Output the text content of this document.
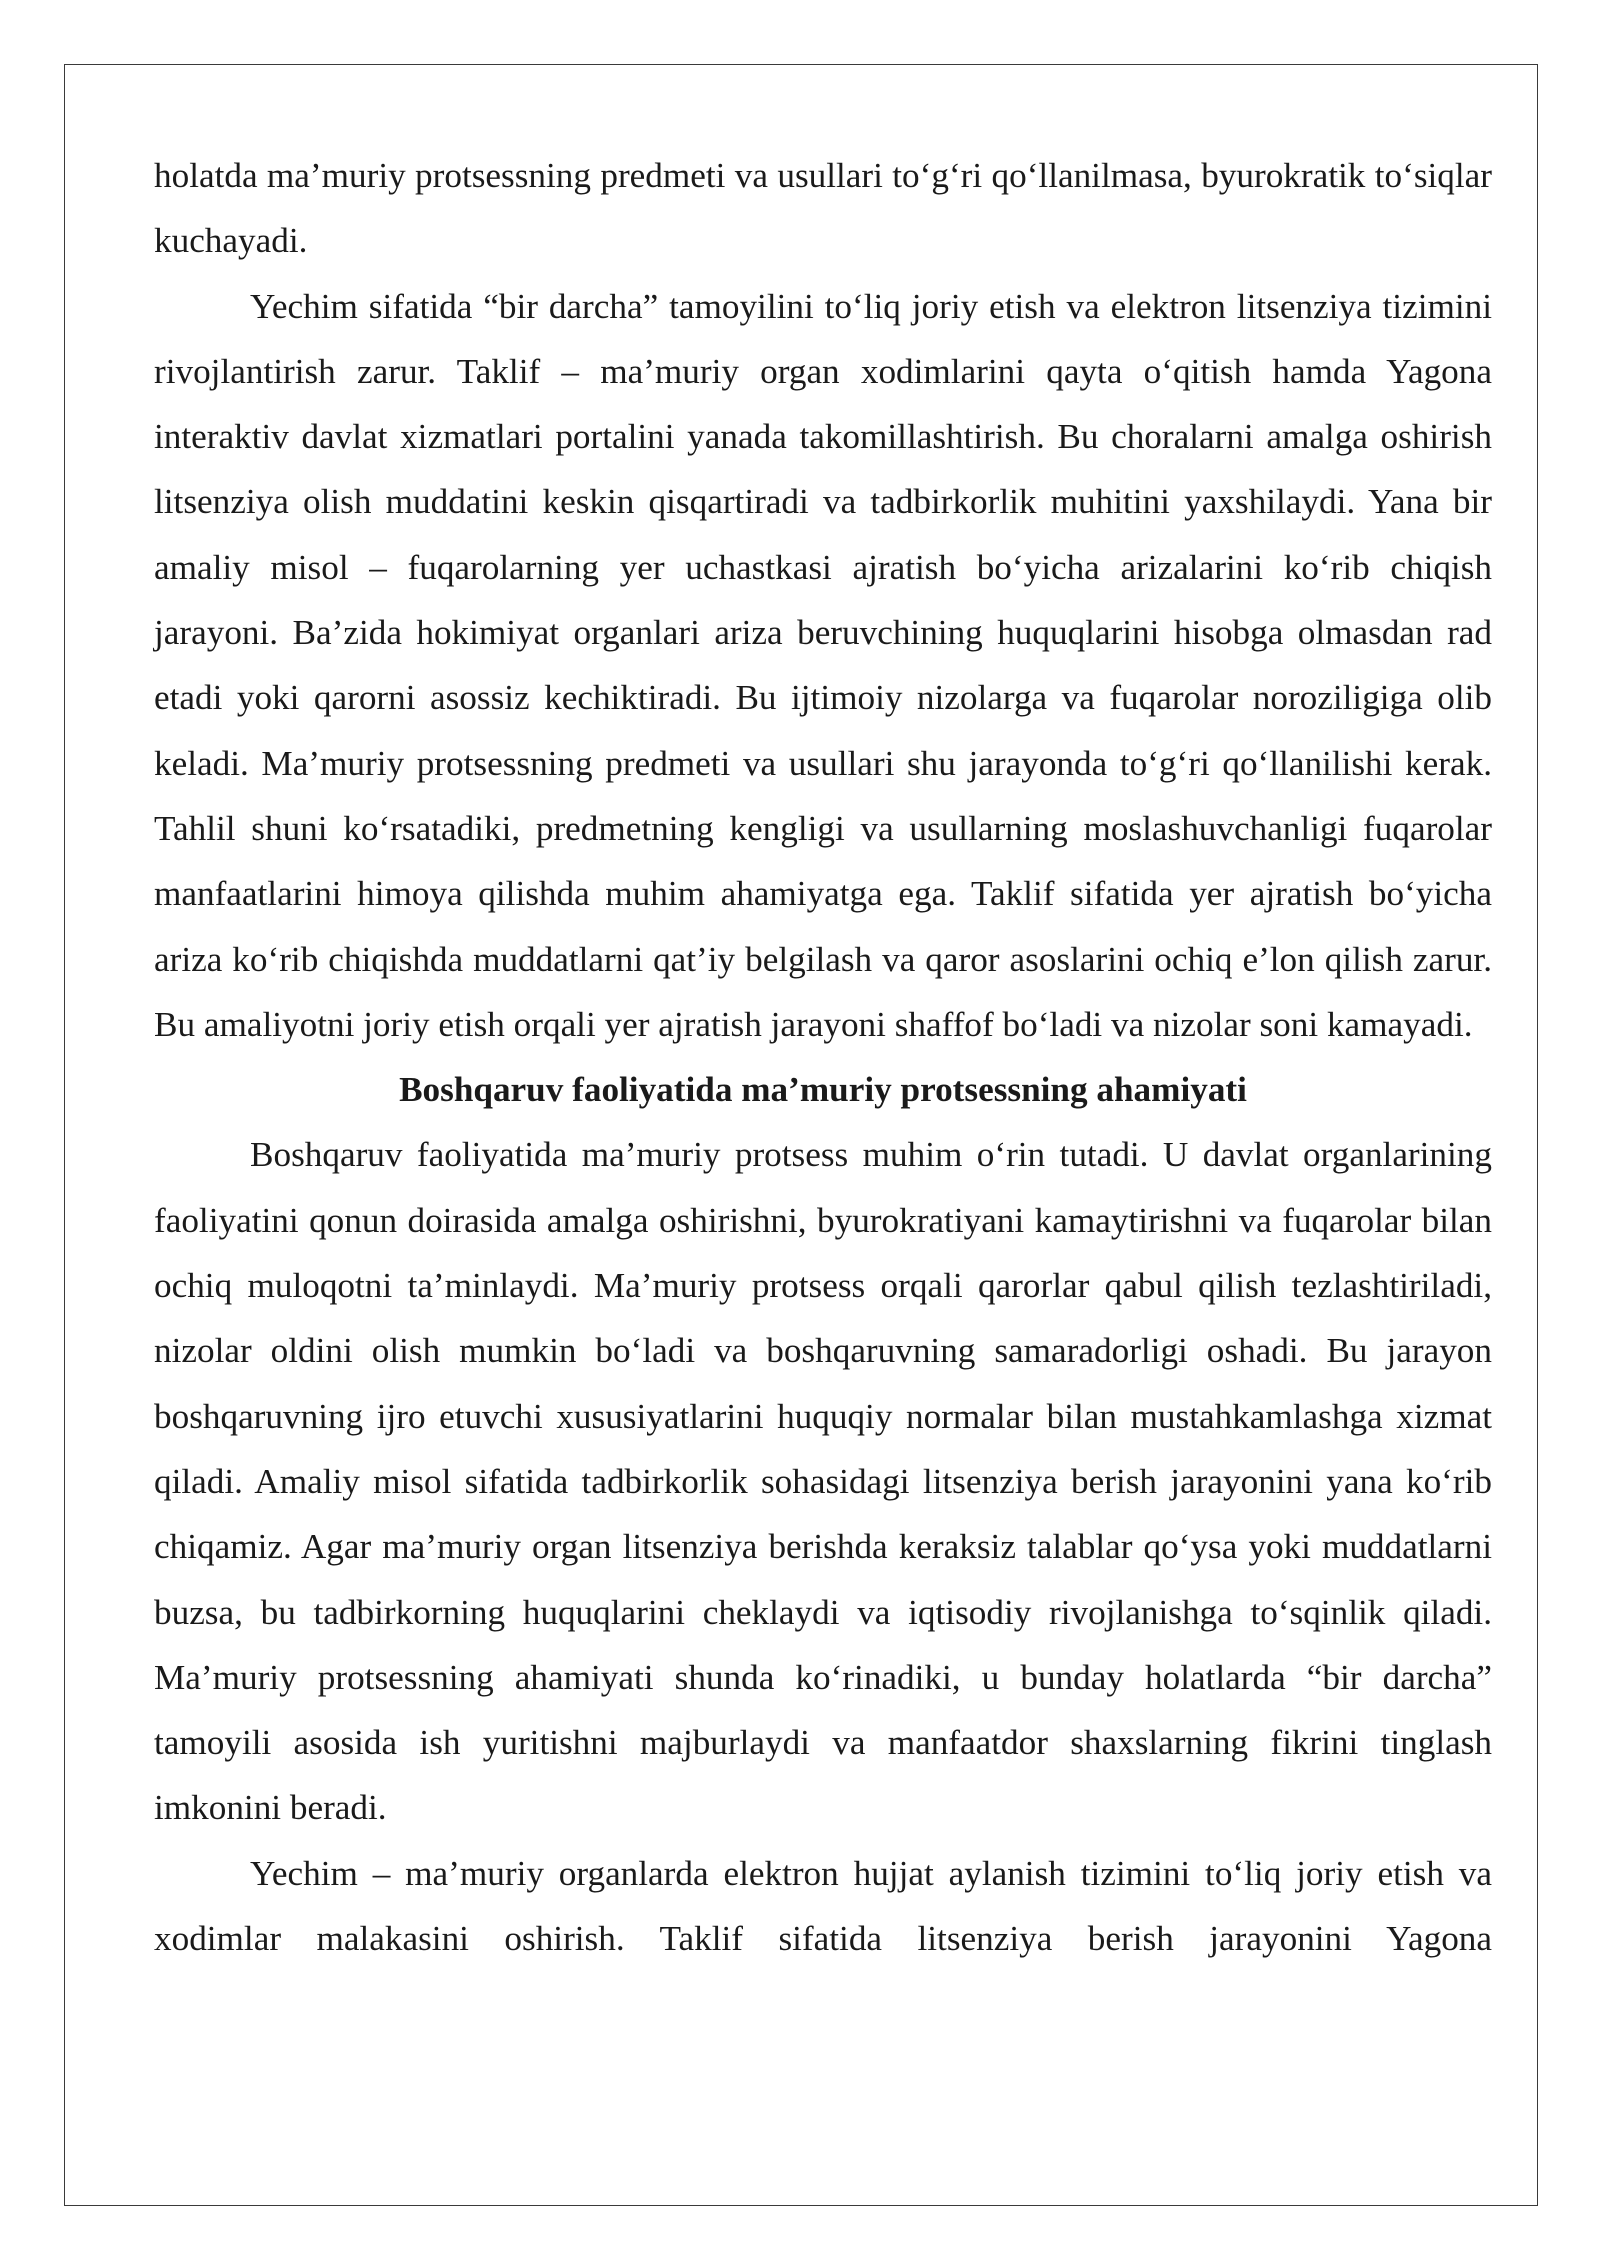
holatda ma’muriy protsessning predmeti va usullari to‘g‘ri qo‘llanilmasa, byurokratik to‘siqlar kuchayadi.

Yechim sifatida “bir darcha” tamoyilini to‘liq joriy etish va elektron litsenziya tizimini rivojlantirish zarur. Taklif – ma’muriy organ xodimlarini qayta o‘qitish hamda Yagona interaktiv davlat xizmatlari portalini yanada takomillashtirish. Bu choralarni amalga oshirish litsenziya olish muddatini keskin qisqartiradi va tadbirkorlik muhitini yaxshilaydi. Yana bir amaliy misol – fuqarolarning yer uchastkasi ajratish bo‘yicha arizalarini ko‘rib chiqish jarayoni. Ba’zida hokimiyat organlari ariza beruvchining huquqlarini hisobga olmasdan rad etadi yoki qarorni asossiz kechiktiradi. Bu ijtimoiy nizolarga va fuqarolar noroziligiga olib keladi. Ma’muriy protsessning predmeti va usullari shu jarayonda to‘g‘ri qo‘llanilishi kerak. Tahlil shuni ko‘rsatadiki, predmetning kengligi va usullarning moslashuvchanligi fuqarolar manfaatlarini himoya qilishda muhim ahamiyatga ega. Taklif sifatida yer ajratish bo‘yicha ariza ko‘rib chiqishda muddatlarni qat’iy belgilash va qaror asoslarini ochiq e’lon qilish zarur. Bu amaliyotni joriy etish orqali yer ajratish jarayoni shaffof bo‘ladi va nizolar soni kamayadi.

Boshqaruv faoliyatida ma’muriy protsessning ahamiyati

Boshqaruv faoliyatida ma’muriy protsess muhim o‘rin tutadi. U davlat organlarining faoliyatini qonun doirasida amalga oshirishni, byurokratiyani kamaytirishni va fuqarolar bilan ochiq muloqotni ta’minlaydi. Ma’muriy protsess orqali qarorlar qabul qilish tezlashtiriladi, nizolar oldini olish mumkin bo‘ladi va boshqaruvning samaradorligi oshadi. Bu jarayon boshqaruvning ijro etuvchi xususiyatlarini huquqiy normalar bilan mustahkamlashga xizmat qiladi. Amaliy misol sifatida tadbirkorlik sohasidagi litsenziya berish jarayonini yana ko‘rib chiqamiz. Agar ma’muriy organ litsenziya berishda keraksiz talablar qo‘ysa yoki muddatlarni buzsa, bu tadbirkorning huquqlarini cheklaydi va iqtisodiy rivojlanishga to‘sqinlik qiladi. Ma’muriy protsessning ahamiyati shunda ko‘rinadiki, u bunday holatlarda “bir darcha” tamoyili asosida ish yuritishni majburlaydi va manfaatdor shaxslarning fikrini tinglash imkonini beradi.

Yechim – ma’muriy organlarda elektron hujjat aylanish tizimini to‘liq joriy etish va xodimlar malakasini oshirish. Taklif sifatida litsenziya berish jarayonini Yagona
